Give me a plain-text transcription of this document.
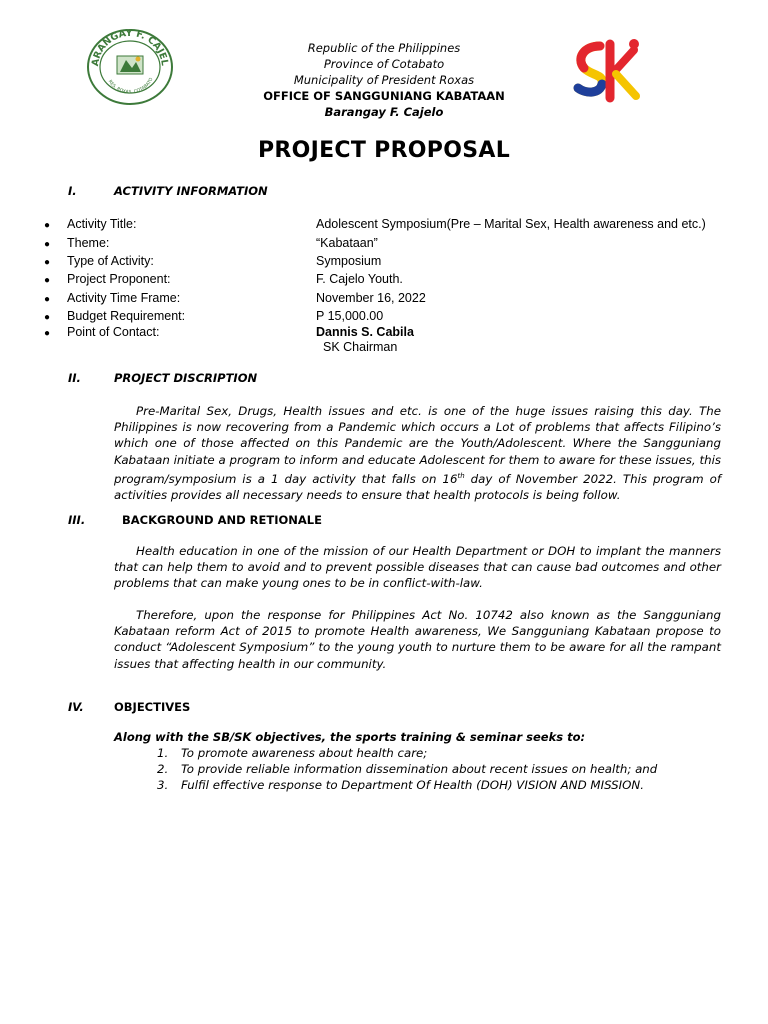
ARANGAY F. CAJEL
RES. ROXAS, COTABATO
Republic of the Philippines
Province of Cotabato
Municipality of President Roxas
OFFICE OF SANGGUNIANG KABATAAN
Barangay F. Cajelo
PROJECT PROPOSAL
I.	ACTIVITY INFORMATION
● Activity Title:	Adolescent Symposium(Pre – Marital Sex, Health awareness and etc.)
● Theme:	“Kabataan”
● Type of Activity:	Symposium
● Project Proponent:	F. Cajelo Youth.
● Activity Time Frame:	November 16, 2022
● Budget Requirement:	P 15,000.00
● Point of Contact:	Dannis S. Cabila
SK Chairman
II.	PROJECT DISCRIPTION

Pre-Marital Sex, Drugs, Health issues and etc. is one of the huge issues raising this day. The Philippines is now recovering from a Pandemic which occurs a Lot of problems that affects Filipino’s which one of those affected on this Pandemic are the Youth/Adolescent. Where the Sangguniang Kabataan initiate a program to inform and educate Adolescent for them to aware for these issues, this program/symposium is a 1 day activity that falls on 16th day of November 2022. This program of activities provides all necessary needs to ensure that health protocols is being follow.

III.	BACKGROUND AND RETIONALE

Health education in one of the mission of our Health Department or DOH to implant the manners that can help them to avoid and to prevent possible diseases that can cause bad outcomes and other problems that can make young ones to be in conflict-with-law.

Therefore, upon the response for Philippines Act No. 10742 also known as the Sangguniang Kabataan reform Act of 2015 to promote Health awareness, We Sangguniang Kabataan propose to conduct “Adolescent Symposium” to the young youth to nurture them to be aware for all the rampant issues that affecting health in our community.

IV.	OBJECTIVES
Along with the SB/SK objectives, the sports training & seminar seeks to:
1. To promote awareness about health care;
2. To provide reliable information dissemination about recent issues on health; and
3. Fulfil effective response to Department Of Health (DOH) VISION AND MISSION.
